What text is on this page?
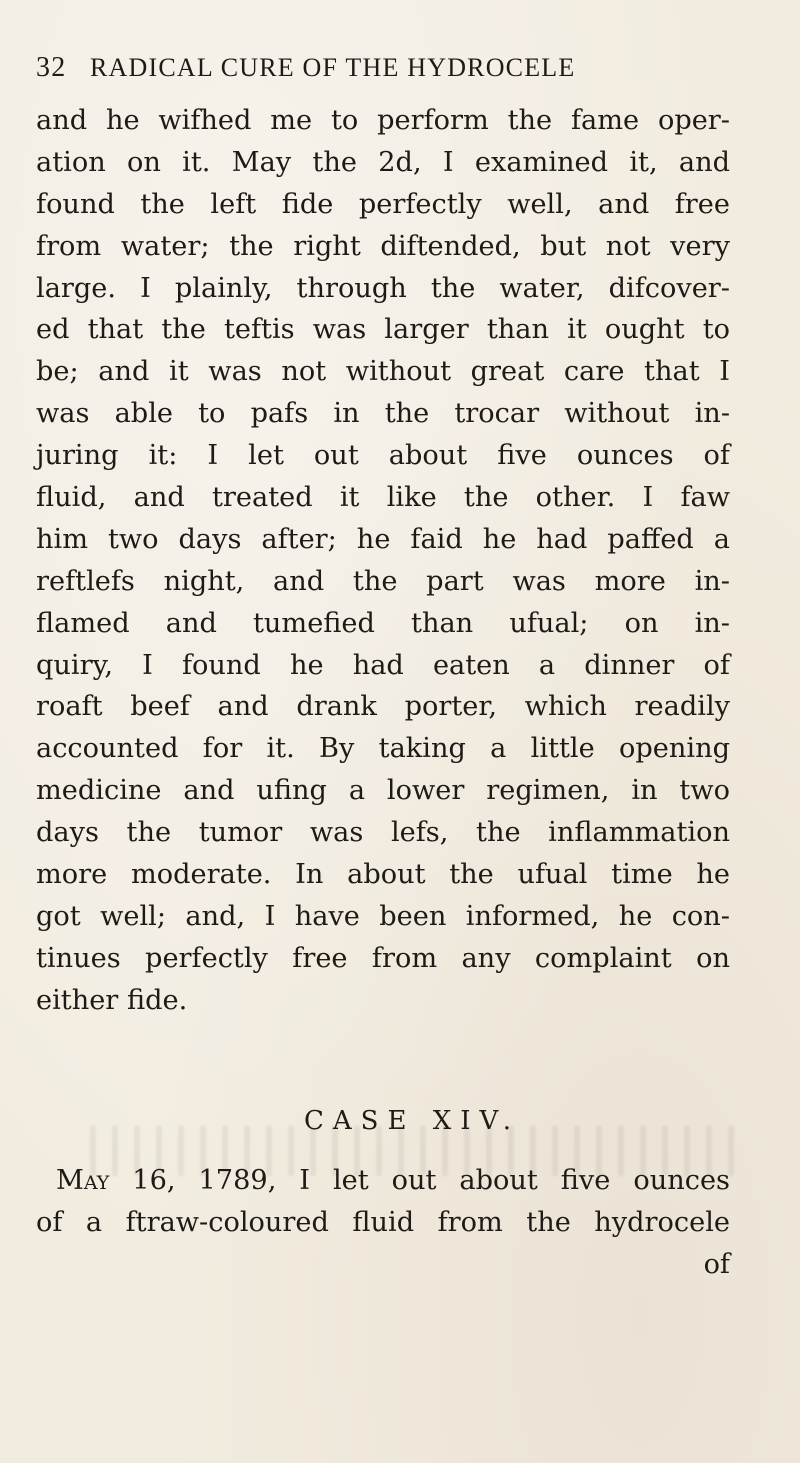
32 RADICAL CURE OF THE HYDROCELE
and he wifhed me to perform the fame oper-
ation on it. May the 2d, I examined it, and
found the left fide perfectly well, and free
from water; the right diftended, but not very
large. I plainly, through the water, difcover-
ed that the teftis was larger than it ought to
be; and it was not without great care that I
was able to pafs in the trocar without in-
juring it: I let out about five ounces of
fluid, and treated it like the other. I faw
him two days after; he faid he had paffed a
reftlefs night, and the part was more in-
flamed and tumefied than ufual; on in-
quiry, I found he had eaten a dinner of
roaft beef and drank porter, which readily
accounted for it. By taking a little opening
medicine and ufing a lower regimen, in two
days the tumor was lefs, the inflammation
more moderate. In about the ufual time he
got well; and, I have been informed, he con-
tinues perfectly free from any complaint on
either fide.
CASE XIV.
May 16, 1789, I let out about five ounces
of a ftraw-coloured fluid from the hydrocele
of
